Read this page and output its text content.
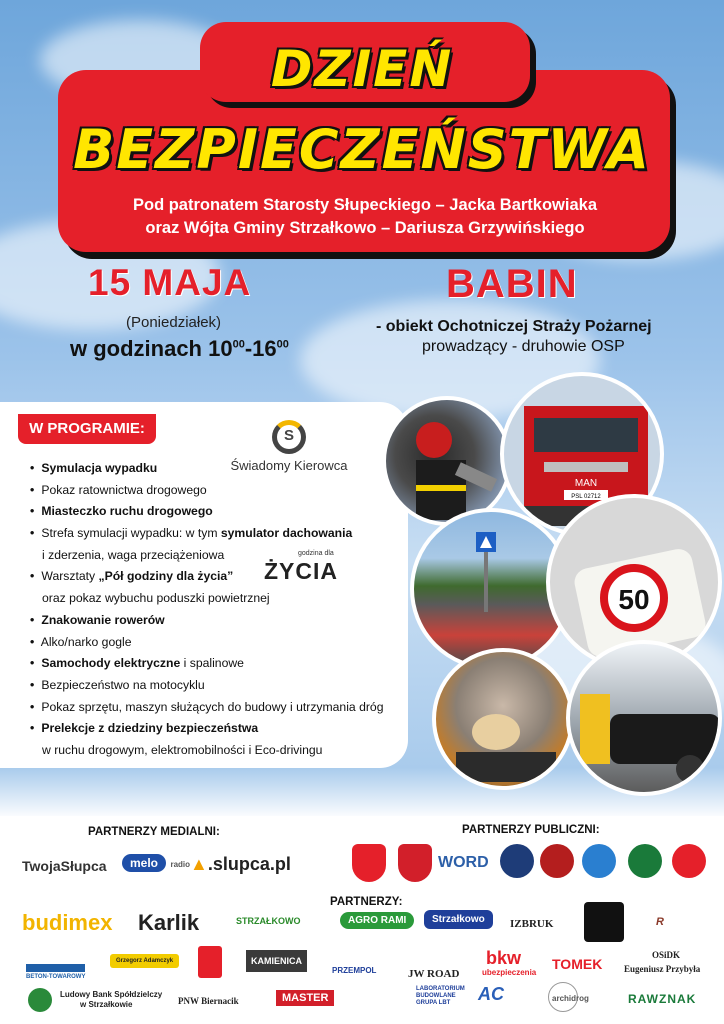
DZIEŃ
BEZPIECZEŃSTWA
Pod patronatem Starosty Słupeckiego – Jacka Bartkowiaka
oraz Wójta Gminy Strzałkowo – Dariusza Grzywińskiego
15 MAJA
(Poniedziałek)
w godzinach $10^{00}-16^{00}$
BABIN
- obiekt Ochotniczej Straży Pożarnej
prowadzący - druhowie OSP
W PROGRAMIE:	S
Świadomy Kierowca
godzina dla
ŻYCIA
• Symulacja wypadku
• Pokaz ratownictwa drogowego
• Miasteczko ruchu drogowego
• Strefa symulacji wypadku: w tym symulator dachowania
i zderzenia, waga przeciążeniowa
• Warsztaty „Pół godziny dla życia”
oraz pokaz wybuchu poduszki powietrznej
• Znakowanie rowerów
• Alko/narko gogle
• Samochody elektryczne i spalinowe
• Bezpieczeństwo na motocyklu
• Pokaz sprzętu, maszyn służących do budowy i utrzymania dróg
• Prelekcje z dziedziny bezpieczeństwa
w ruchu drogowym, elektromobilności i Eco-drivingu
MAN
PSL 02712
50
PARTNERZY MEDIALNI:	PARTNERZY PUBLICZNI:
PARTNERZY:
TwojaSłupca	melo radio ▲.slupca.pl	WORD
budimex Karlik	STRZAŁKOWO	AGRO RAMI	Strzałkowo	IZBRUK	R
BETON-TOWAROWY
Grzegorz Adamczyk	KAMIENICA
PRZEMPOL	JW ROAD
bkw
ubezpieczenia
TOMEK
OSiDK
Eugeniusz Przybyła
Ludowy Bank Spółdzielczy
w Strzałkowie	PNW Biernacik	MASTER
LABORATORIUM
BUDOWLANE
GRUPA LBT	AC	archidrog	RAWZNAK
